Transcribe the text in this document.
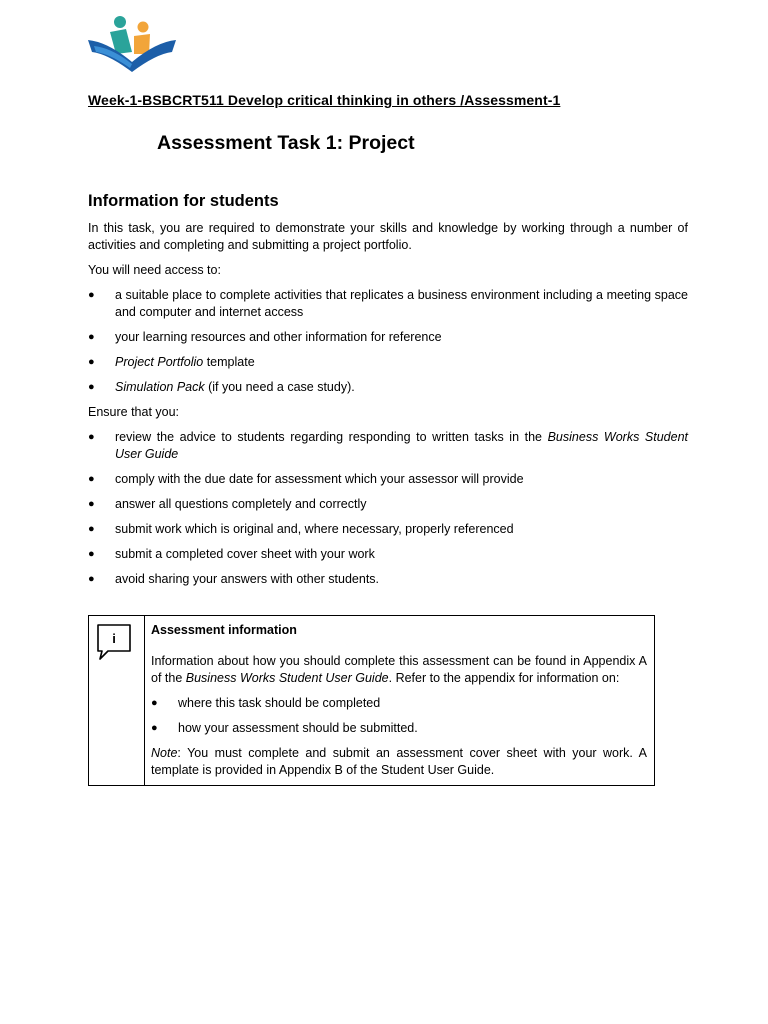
Week-1-BSBCRT511 Develop critical thinking in others /Assessment-1
Assessment Task 1: Project
Information for students

In this task, you are required to demonstrate your skills and knowledge by working through a number of activities and completing and submitting a project portfolio.

You will need access to:

● a suitable place to complete activities that replicates a business environment including a meeting space and computer and internet access
● your learning resources and other information for reference
● Project Portfolio template
● Simulation Pack (if you need a case study).

Ensure that you:

● review the advice to students regarding responding to written tasks in the Business Works Student User Guide
● comply with the due date for assessment which your assessor will provide
● answer all questions completely and correctly
● submit work which is original and, where necessary, properly referenced
● submit a completed cover sheet with your work
● avoid sharing your answers with other students.
i

Assessment information

Information about how you should complete this assessment can be found in Appendix A of the Business Works Student User Guide. Refer to the appendix for information on:

● where this task should be completed
● how your assessment should be submitted.

Note: You must complete and submit an assessment cover sheet with your work. A template is provided in Appendix B of the Student User Guide.
